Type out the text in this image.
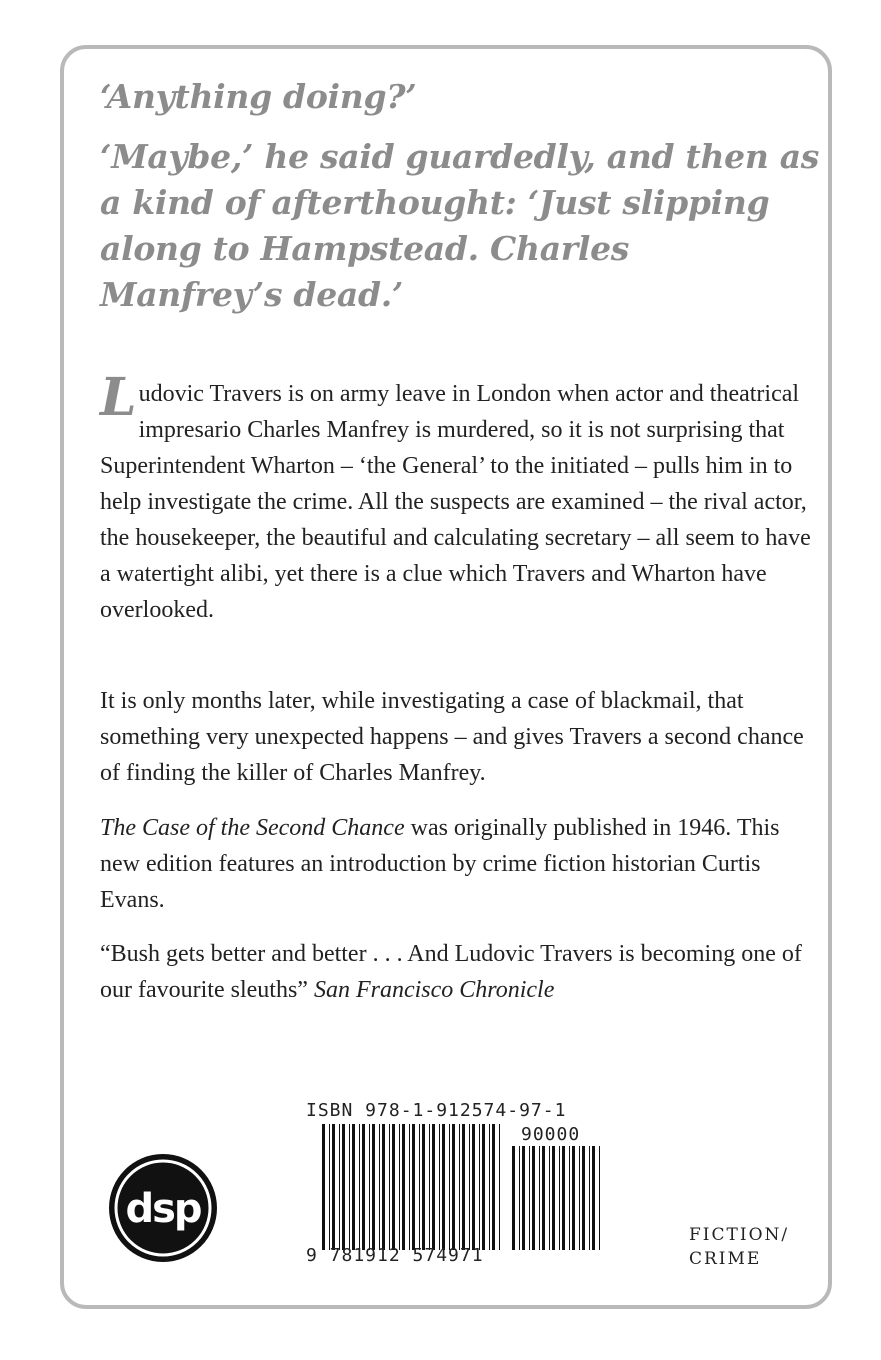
‘Anything doing?’

‘Maybe,’ he said guardedly, and then as a kind of afterthought: ‘Just slipping along to Hampstead. Charles Manfrey’s dead.’

Ludovic Travers is on army leave in London when actor and theatrical impresario Charles Manfrey is murdered, so it is not surprising that Superintendent Wharton – ‘the General’ to the initiated – pulls him in to help investigate the crime. All the suspects are examined – the rival actor, the housekeeper, the beautiful and calculating secretary – all seem to have a watertight alibi, yet there is a clue which Travers and Wharton have overlooked.

It is only months later, while investigating a case of blackmail, that something very unexpected happens – and gives Travers a second chance of finding the killer of Charles Manfrey.

The Case of the Second Chance was originally published in 1946. This new edition features an introduction by crime fiction historian Curtis Evans.

“Bush gets better and better . . . And Ludovic Travers is becoming one of our favourite sleuths” San Francisco Chronicle

dsp
ISBN 978-1-912574-97-1
90000
9 781912 574971
FICTION/
CRIME
